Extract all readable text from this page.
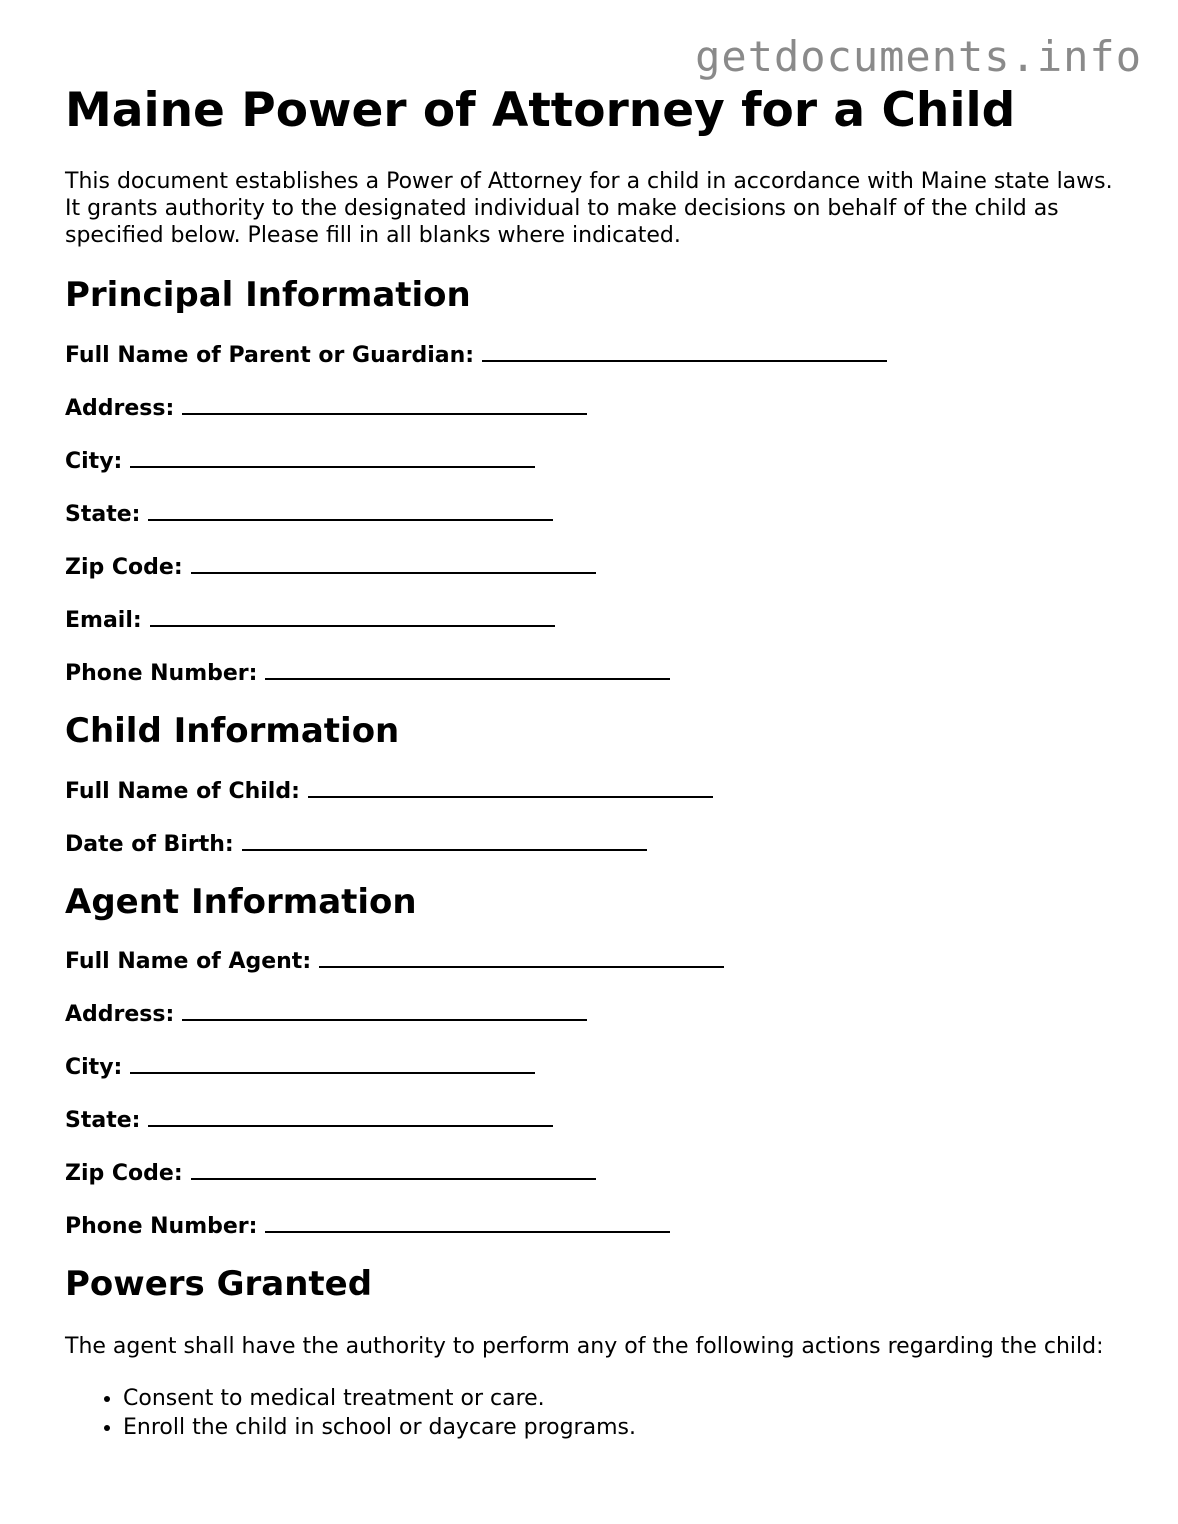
getdocuments.info
Maine Power of Attorney for a Child

This document establishes a Power of Attorney for a child in accordance with Maine state laws. It grants authority to the designated individual to make decisions on behalf of the child as specified below. Please fill in all blanks where indicated.

Principal Information
Full Name of Parent or Guardian:
Address:
City:
State:
Zip Code:
Email:
Phone Number:
Child Information
Full Name of Child:
Date of Birth:
Agent Information
Full Name of Agent:
Address:
City:
State:
Zip Code:
Phone Number:
Powers Granted

The agent shall have the authority to perform any of the following actions regarding the child:

• Consent to medical treatment or care.
• Enroll the child in school or daycare programs.
